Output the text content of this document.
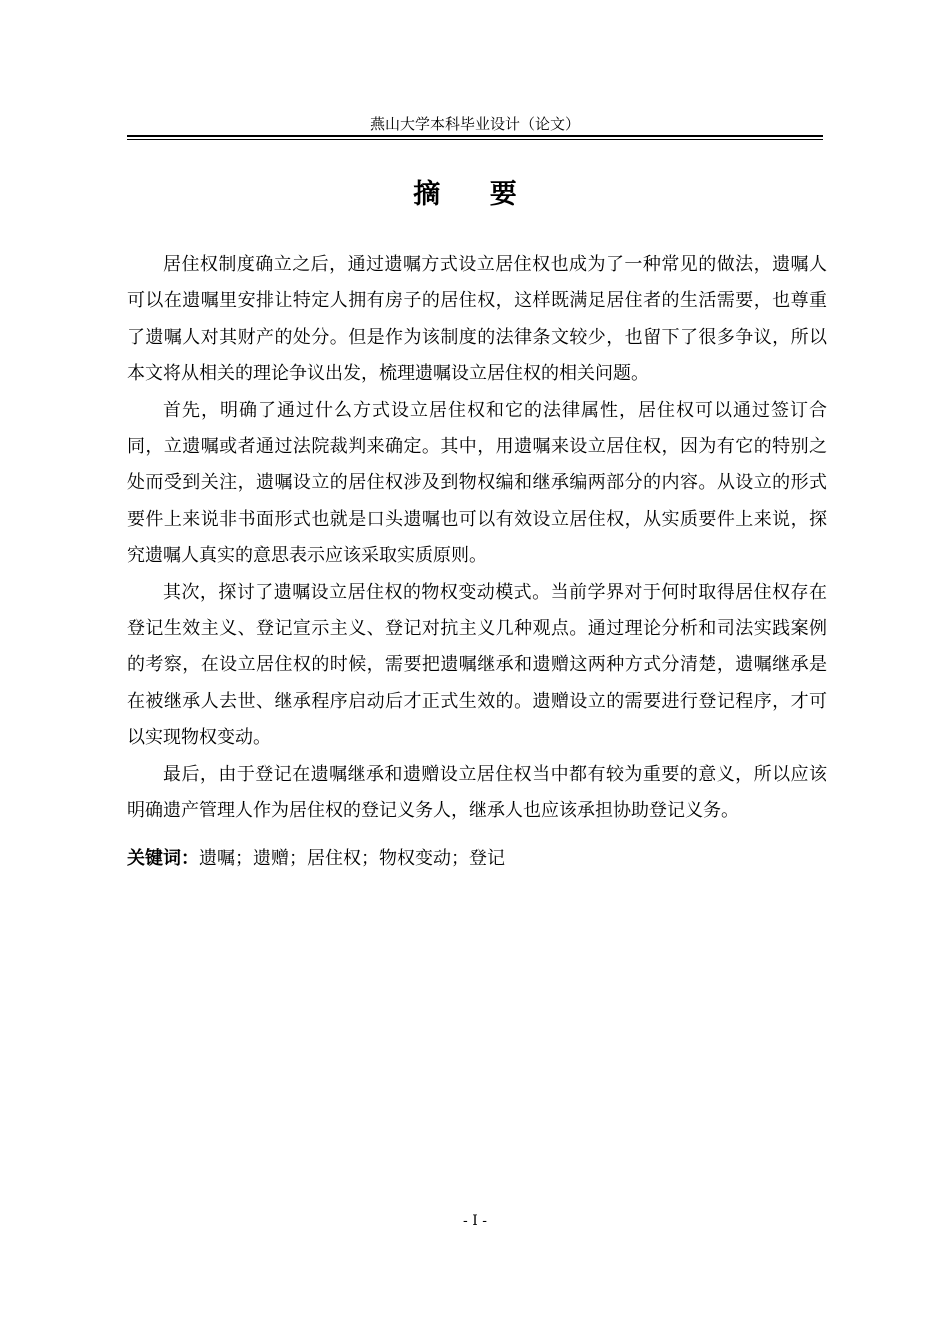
燕山大学本科毕业设计（论文）
摘 要

居住权制度确立之后，通过遗嘱方式设立居住权也成为了一种常见的做法，遗嘱人可以在遗嘱里安排让特定人拥有房子的居住权，这样既满足居住者的生活需要，也尊重了遗嘱人对其财产的处分。但是作为该制度的法律条文较少，也留下了很多争议，所以本文将从相关的理论争议出发，梳理遗嘱设立居住权的相关问题。

首先，明确了通过什么方式设立居住权和它的法律属性，居住权可以通过签订合同，立遗嘱或者通过法院裁判来确定。其中，用遗嘱来设立居住权，因为有它的特别之处而受到关注，遗嘱设立的居住权涉及到物权编和继承编两部分的内容。从设立的形式要件上来说非书面形式也就是口头遗嘱也可以有效设立居住权，从实质要件上来说，探究遗嘱人真实的意思表示应该采取实质原则。

其次，探讨了遗嘱设立居住权的物权变动模式。当前学界对于何时取得居住权存在登记生效主义、登记宣示主义、登记对抗主义几种观点。通过理论分析和司法实践案例的考察，在设立居住权的时候，需要把遗嘱继承和遗赠这两种方式分清楚，遗嘱继承是在被继承人去世、继承程序启动后才正式生效的。遗赠设立的需要进行登记程序，才可以实现物权变动。

最后，由于登记在遗嘱继承和遗赠设立居住权当中都有较为重要的意义，所以应该明确遗产管理人作为居住权的登记义务人，继承人也应该承担协助登记义务。

关键词：遗嘱；遗赠；居住权；物权变动；登记
- I -
